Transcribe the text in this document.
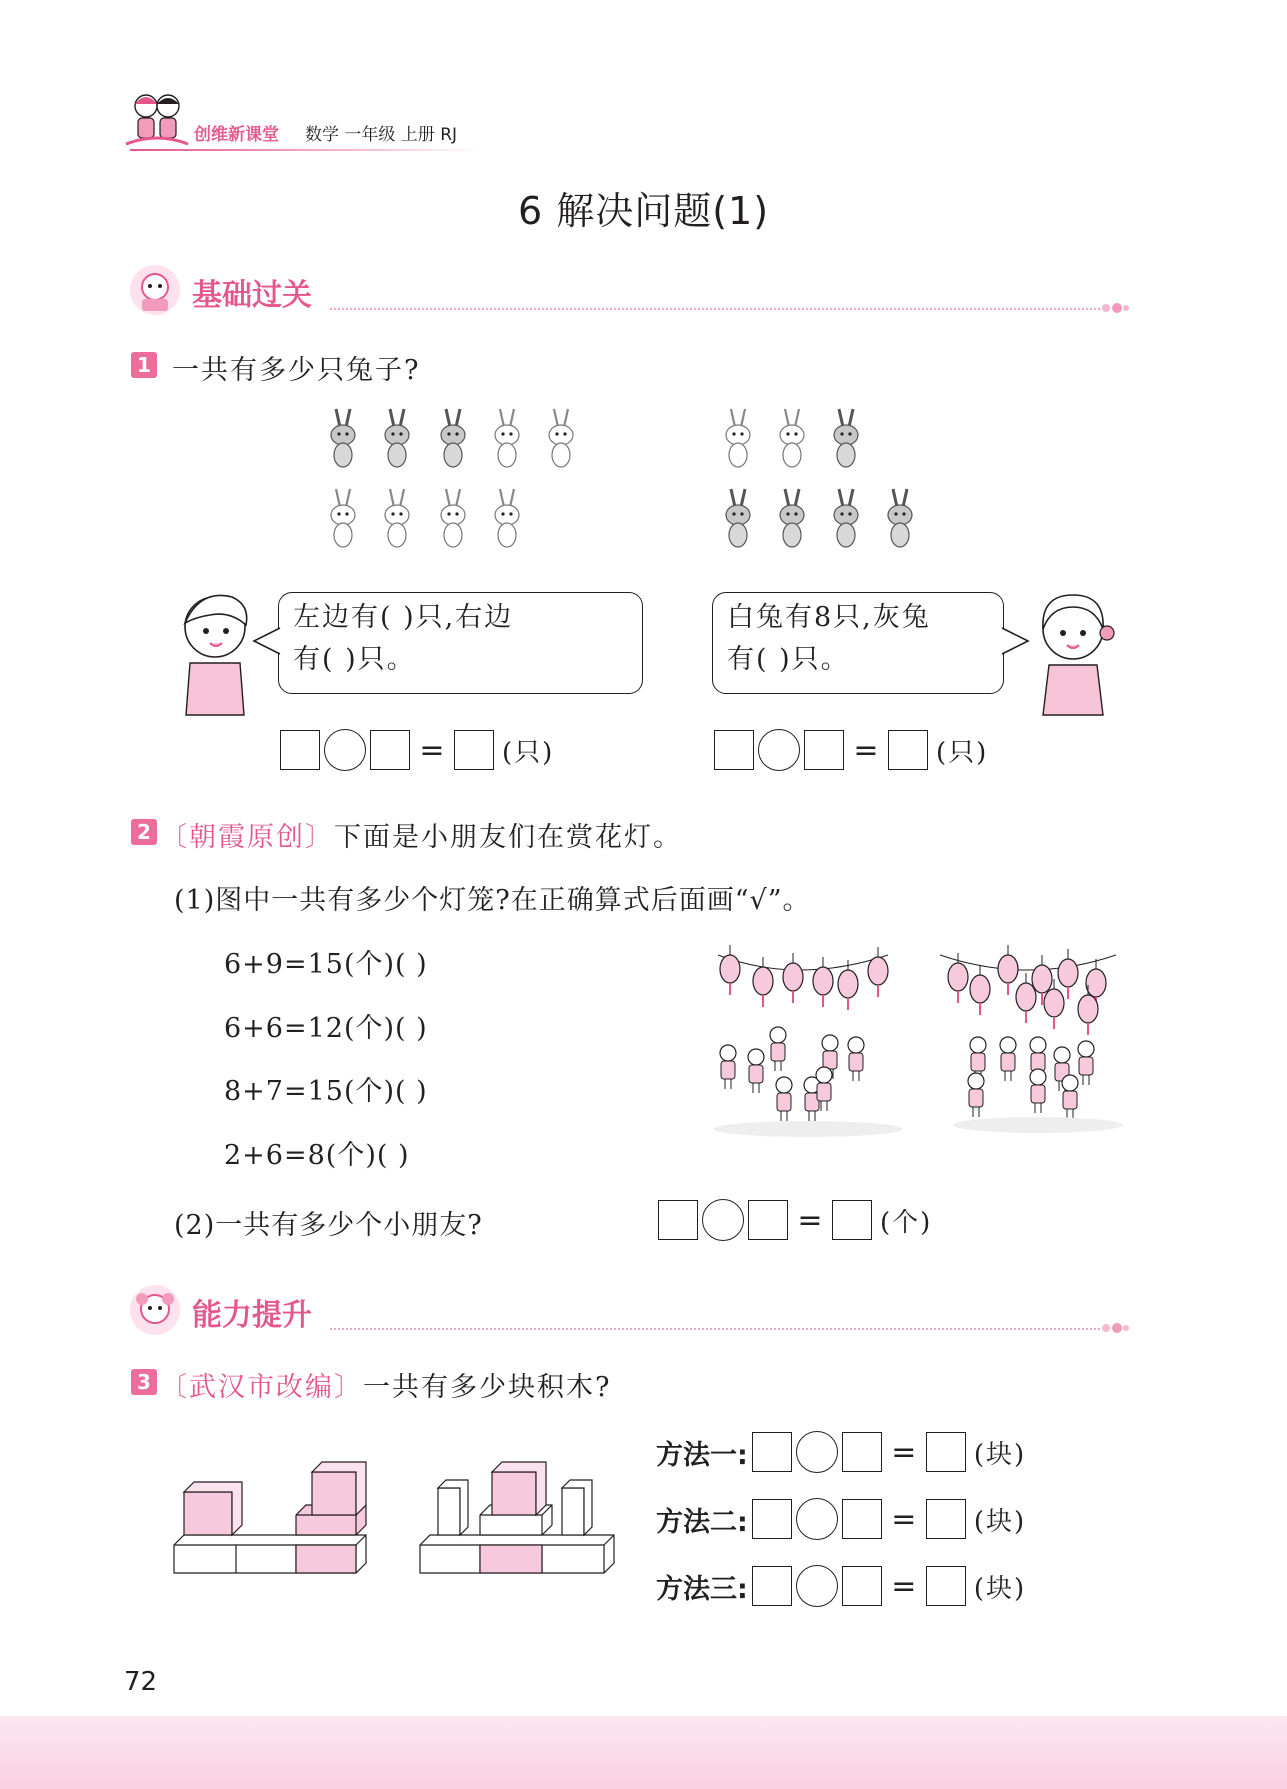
创维新课堂 数学 一年级 上册 RJ
6 解决问题(1)
基础过关
1 一共有多少只兔子?
左边有( )只,右边
有( )只。
白兔有8只,灰兔
有( )只。
= (只)	= (只)
2 〔朝霞原创〕下面是小朋友们在赏花灯。
(1)图中一共有多少个灯笼?在正确算式后面画“√”。
6+9=15(个)( )
6+6=12(个)( )
8+7=15(个)( )
2+6=8(个)( )
(2)一共有多少个小朋友?	= (个)
能力提升
3 〔武汉市改编〕一共有多少块积木?
方法一:	= (块)
方法二:	= (块)
方法三:	= (块)
72
